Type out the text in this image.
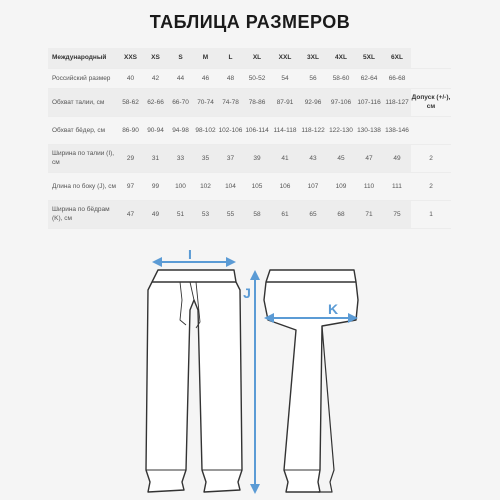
ТАБЛИЦА РАЗМЕРОВ
Международный	XXS	XS	S	M	L	XL	XXL	3XL	4XL	5XL	6XL	
Российский размер	40	42	44	46	48	50-52	54	56	58-60	62-64	66-68	
Обхват талии, см	58-62	62-66	66-70	70-74	74-78	78-86	87-91	92-96	97-106	107-116	118-127	Допуск (+/-), см
Обхват бёдер, см	86-90	90-94	94-98	98-102	102-106	106-114	114-118	118-122	122-130	130-138	138-146	
Ширина по талии (I), см	29	31	33	35	37	39	41	43	45	47	49	2
Длина по боку (J), см	97	99	100	102	104	105	106	107	109	110	111	2
Ширина по бёдрам (K), см	47	49	51	53	55	58	61	65	68	71	75	1
I
J
K
